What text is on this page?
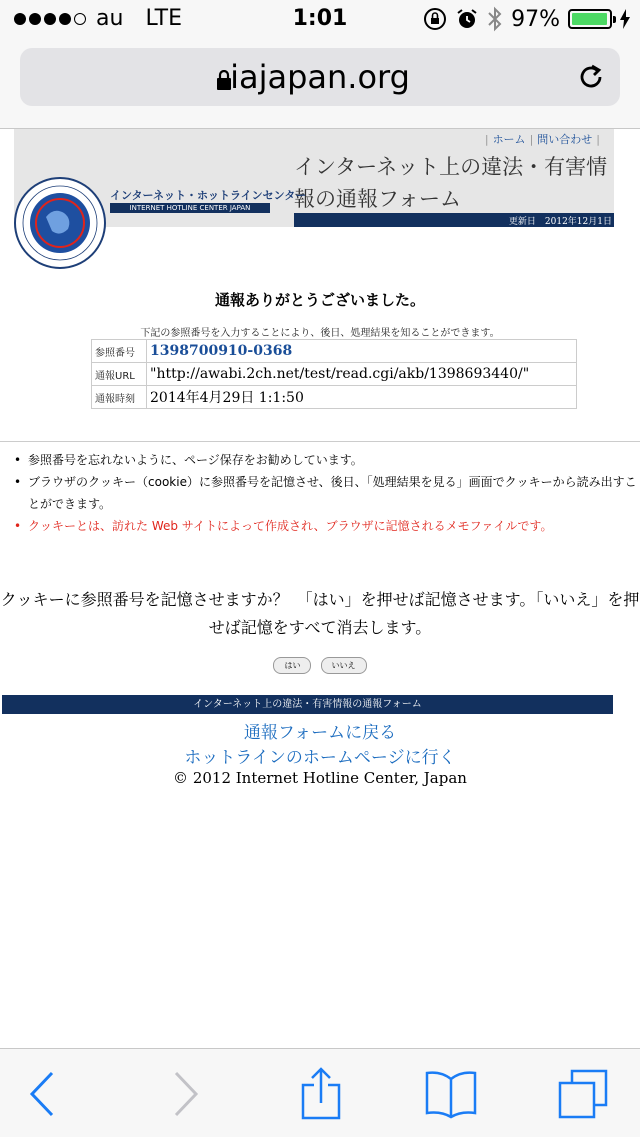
au LTE	1:01	97%
iajapan.org
| ホーム | 問い合わせ |
インターネット上の違法・有害情報の通報フォーム
インターネット・ホットラインセンター
INTERNET HOTLINE CENTER JAPAN
更新日　 2012年12月1日
通報ありがとうございました。
下記の参照番号を入力することにより、後日、処理結果を知ることができます。
参照番号	1398700910-0368
通報URL	"http://awabi.2ch.net/test/read.cgi/akb/1398693440/"
通報時刻	2014年4月29日 1:1:50
• 参照番号を忘れないように、ページ保存をお勧めしています。
• ブラウザのクッキー（cookie）に参照番号を記憶させ、後日、「処理結果を見る」画面でクッキーから読み出すことができます。
• クッキーとは、訪れた Web サイトによって作成され、ブラウザに記憶されるメモファイルです。
クッキーに参照番号を記憶させますか？　「はい」を押せば記憶させます。「いいえ」を押せば記憶をすべて消去します。
はい	いいえ
インターネット上の違法・有害情報の通報フォーム
通報フォームに戻る
ホットラインのホームページに行く
© 2012 Internet Hotline Center, Japan
